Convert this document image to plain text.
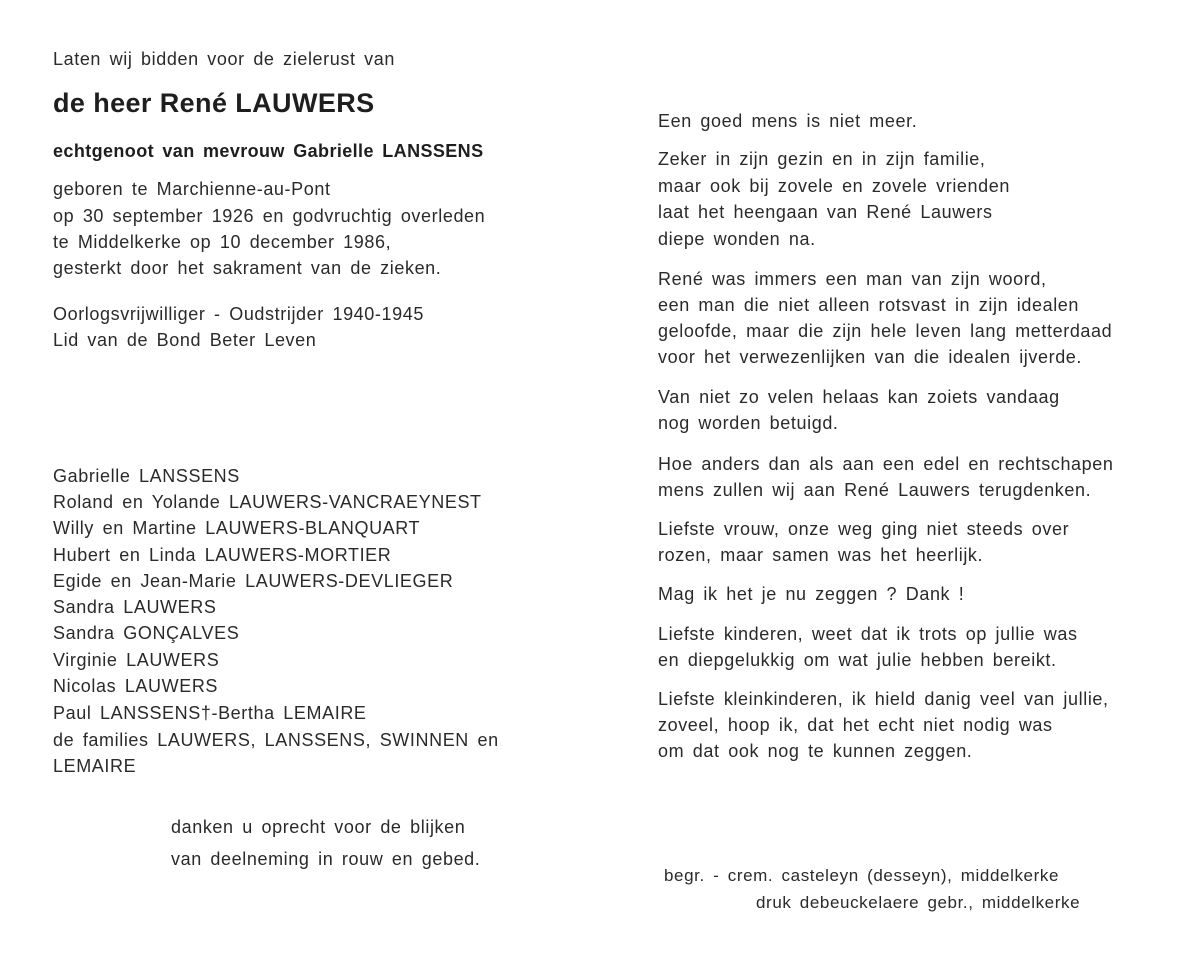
Laten wij bidden voor de zielerust van
de heer René LAUWERS
echtgenoot van mevrouw Gabrielle LANSSENS
geboren te Marchienne-au-Pont
op 30 september 1926 en godvruchtig overleden
te Middelkerke op 10 december 1986,
gesterkt door het sakrament van de zieken.
Oorlogsvrijwilliger - Oudstrijder 1940-1945
Lid van de Bond Beter Leven
Gabrielle LANSSENS
Roland en Yolande LAUWERS-VANCRAEYNEST
Willy en Martine LAUWERS-BLANQUART
Hubert en Linda LAUWERS-MORTIER
Egide en Jean-Marie LAUWERS-DEVLIEGER
Sandra LAUWERS
Sandra GONÇALVES
Virginie LAUWERS
Nicolas LAUWERS
Paul LANSSENS†-Bertha LEMAIRE
de families LAUWERS, LANSSENS, SWINNEN en
LEMAIRE
danken u oprecht voor de blijken
van deelneming in rouw en gebed.
Een goed mens is niet meer.
Zeker in zijn gezin en in zijn familie,
maar ook bij zovele en zovele vrienden
laat het heengaan van René Lauwers
diepe wonden na.
René was immers een man van zijn woord,
een man die niet alleen rotsvast in zijn idealen
geloofde, maar die zijn hele leven lang metterdaad
voor het verwezenlijken van die idealen ijverde.
Van niet zo velen helaas kan zoiets vandaag
nog worden betuigd.
Hoe anders dan als aan een edel en rechtschapen
mens zullen wij aan René Lauwers terugdenken.
Liefste vrouw, onze weg ging niet steeds over
rozen, maar samen was het heerlijk.
Mag ik het je nu zeggen ? Dank !
Liefste kinderen, weet dat ik trots op jullie was
en diepgelukkig om wat julie hebben bereikt.
Liefste kleinkinderen, ik hield danig veel van jullie,
zoveel, hoop ik, dat het echt niet nodig was
om dat ook nog te kunnen zeggen.
begr. - crem. casteleyn (desseyn), middelkerke
druk debeuckelaere gebr., middelkerke
